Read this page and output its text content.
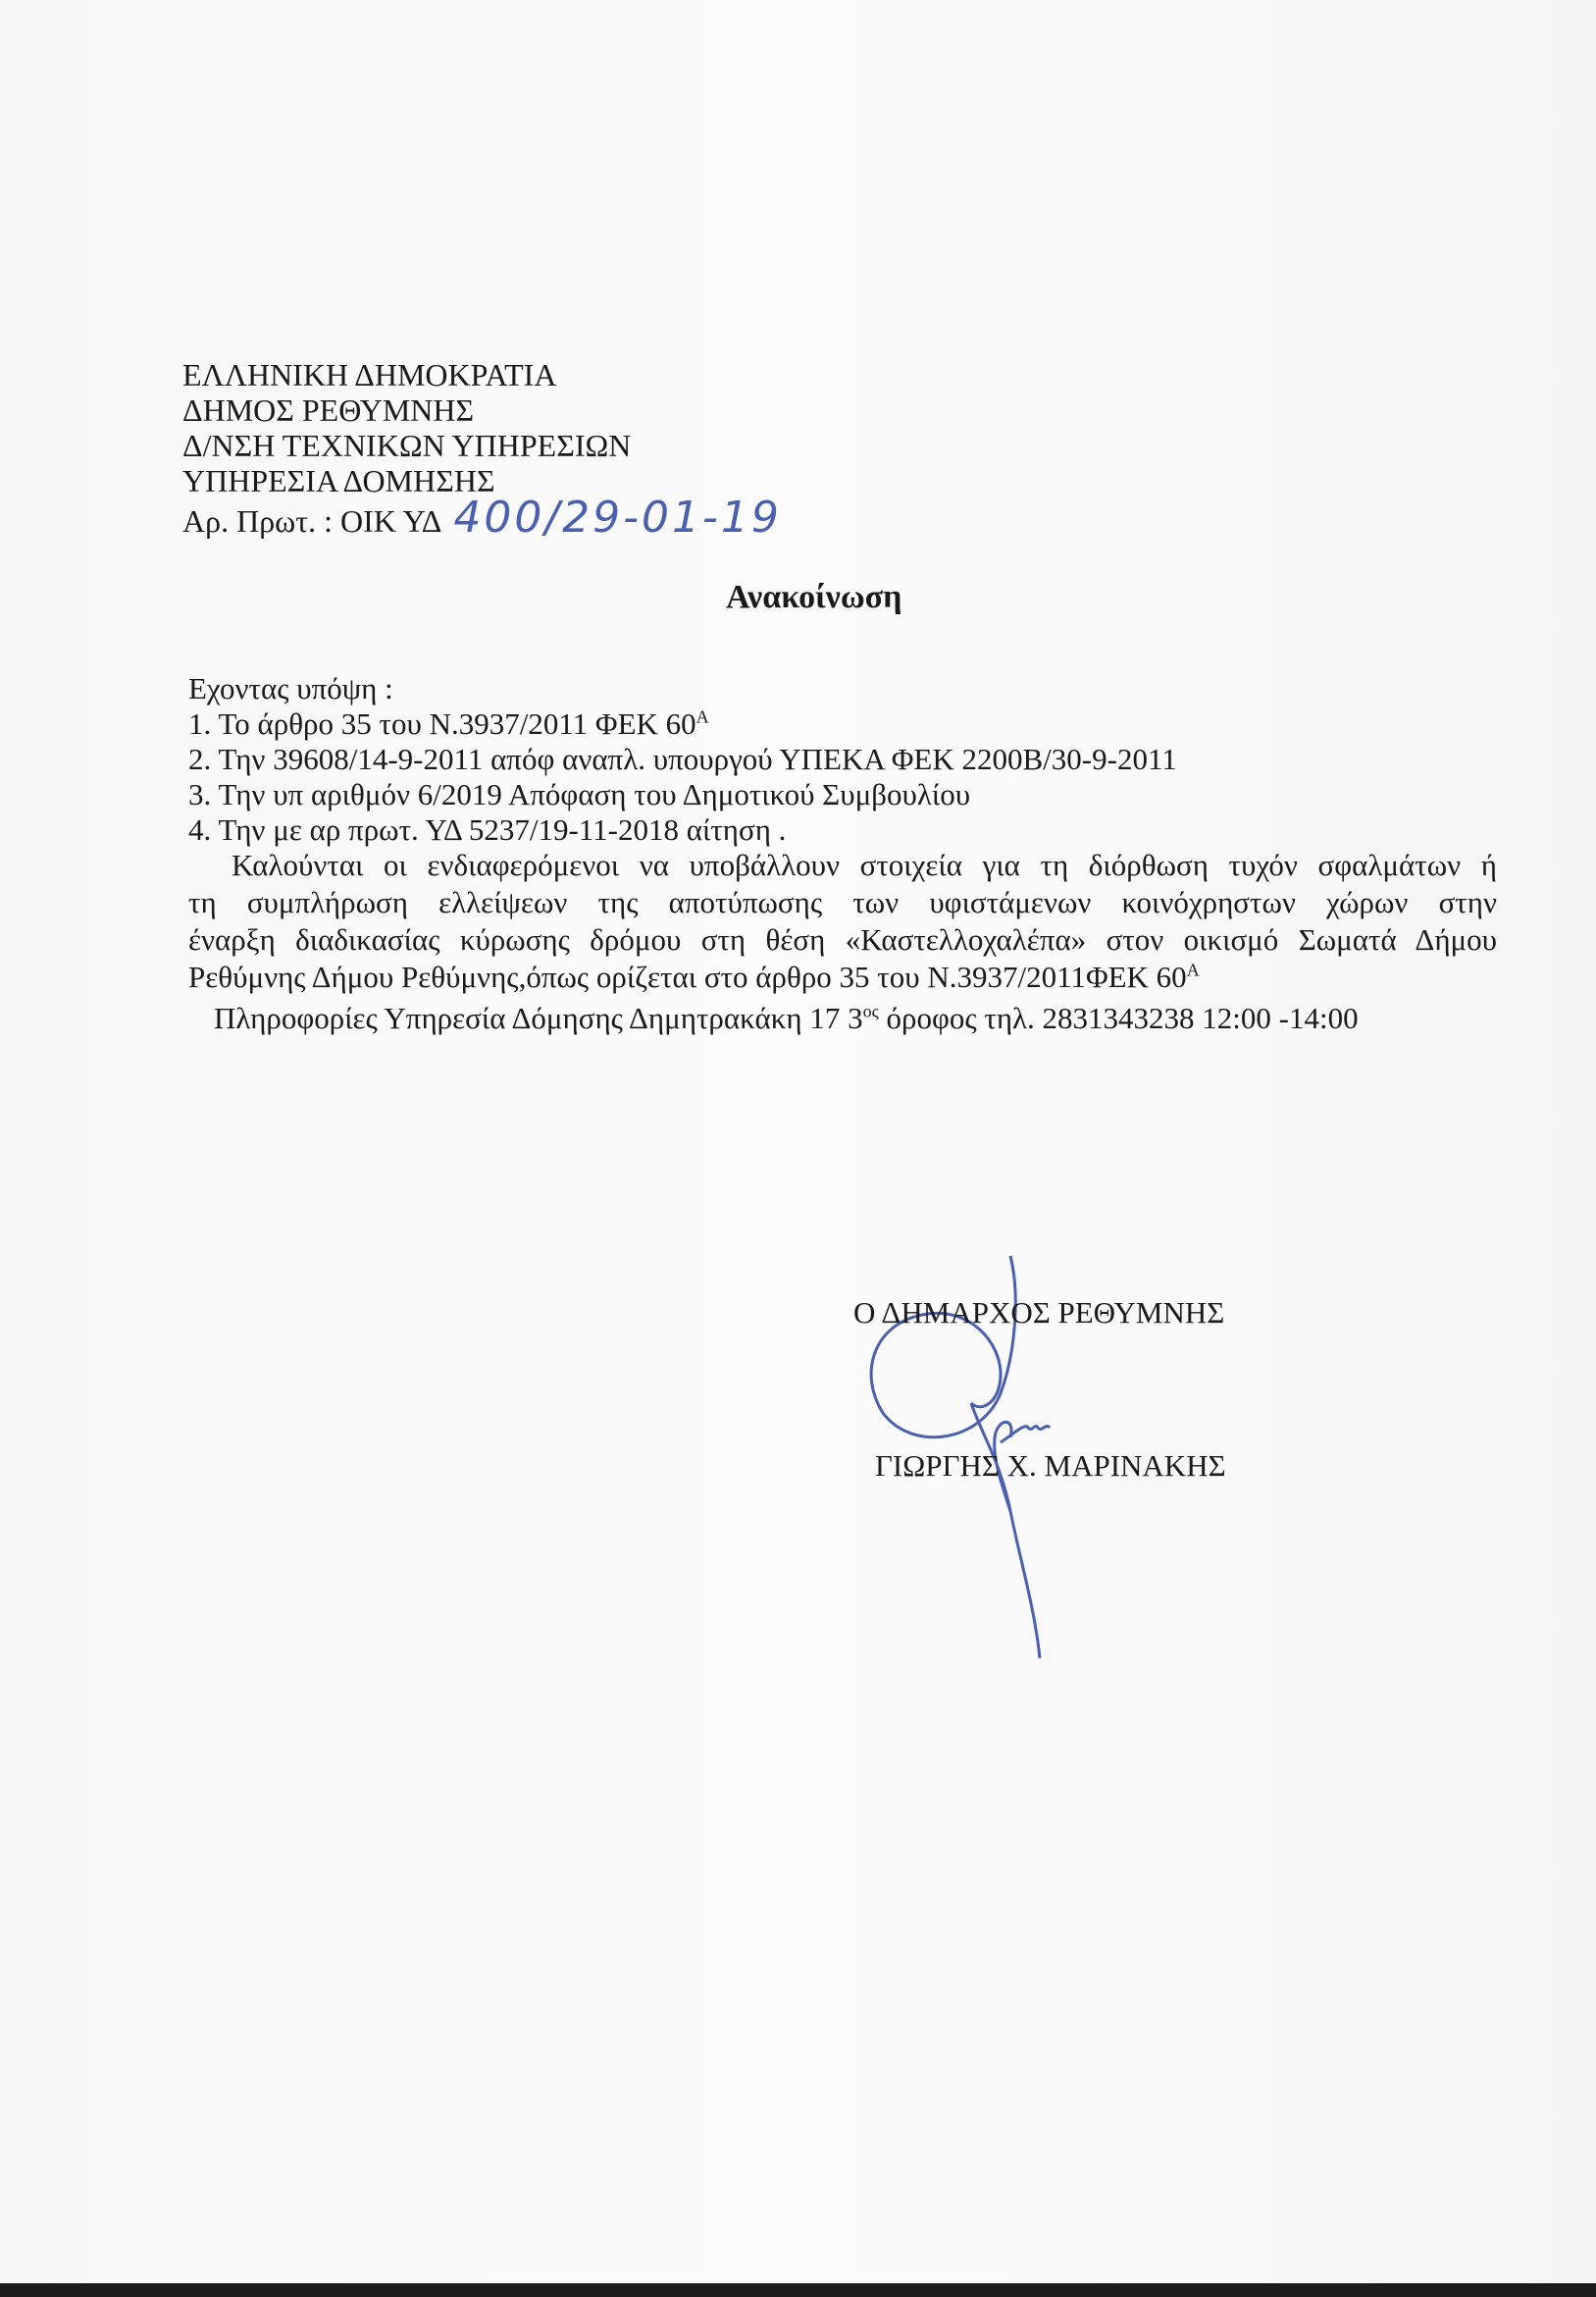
ΕΛΛΗΝΙΚΗ ΔΗΜΟΚΡΑΤΙΑ
ΔΗΜΟΣ ΡΕΘΥΜΝΗΣ
Δ/ΝΣΗ ΤΕΧΝΙΚΩΝ ΥΠΗΡΕΣΙΩΝ
ΥΠΗΡΕΣΙΑ ΔΟΜΗΣΗΣ
Αρ. Πρωτ. : ΟΙΚ ΥΔ 400/29-01-19
Ανακοίνωση
Εχοντας υπόψη :
1. Το άρθρο 35 του Ν.3937/2011 ΦΕΚ $60^A$
2. Την 39608/14-9-2011 απόφ αναπλ. υπουργού ΥΠΕΚΑ ΦΕΚ 2200Β/30-9-2011
3. Την υπ αριθμόν 6/2019 Απόφαση του Δημοτικού Συμβουλίου
4. Την με αρ πρωτ. ΥΔ 5237/19-11-2018 αίτηση .
Καλούνται οι ενδιαφερόμενοι να υποβάλλουν στοιχεία για τη διόρθωση τυχόν σφαλμάτων ή
τη συμπλήρωση ελλείψεων της αποτύπωσης των υφιστάμενων κοινόχρηστων χώρων στην
έναρξη διαδικασίας κύρωσης δρόμου στη θέση «Καστελλοχαλέπα» στον οικισμό Σωματά Δήμου
Ρεθύμνης Δήμου Ρεθύμνης,όπως ορίζεται στο άρθρο 35 του Ν.3937/2011ΦΕΚ $60^A$
Πληροφορίες Υπηρεσία Δόμησης Δημητρακάκη 17 $3^{o\varsigma}$ όροφος τηλ. 2831343238 12:00 -14:00
Ο ΔΗΜΑΡΧΟΣ ΡΕΘΥΜΝΗΣ
ΓΙΩΡΓΗΣ Χ. ΜΑΡΙΝΑΚΗΣ
